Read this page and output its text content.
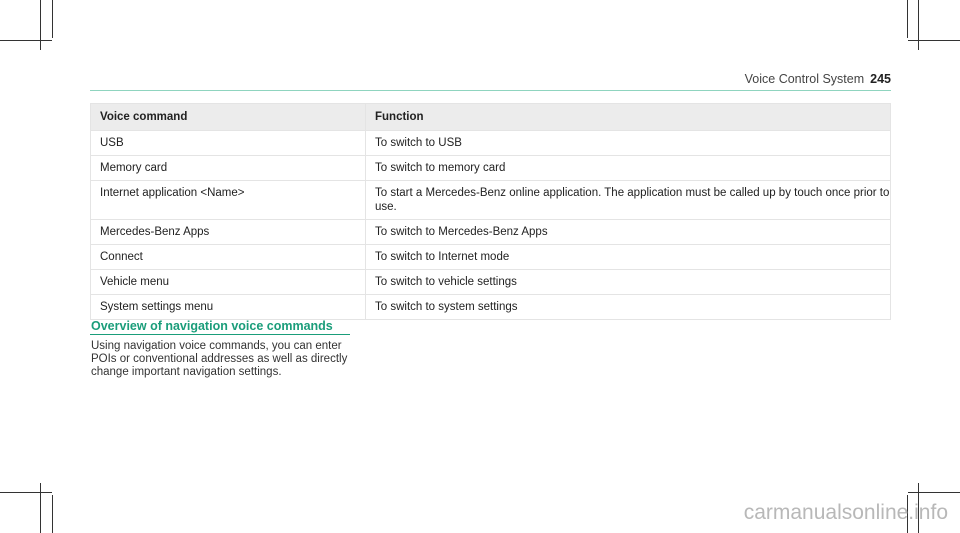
Voice Control System 245
Voice command	Function
USB	To switch to USB
Memory card	To switch to memory card
Internet application <Name>	To start a Mercedes-Benz online application. The application must be called up by touch once prior to use.
Mercedes-Benz Apps	To switch to Mercedes-Benz Apps
Connect	To switch to Internet mode
Vehicle menu	To switch to vehicle settings
System settings menu	To switch to system settings
Overview of navigation voice commands
Using navigation voice commands, you can enter POIs or conventional addresses as well as directly change important navigation settings.
carmanualsonline.info
